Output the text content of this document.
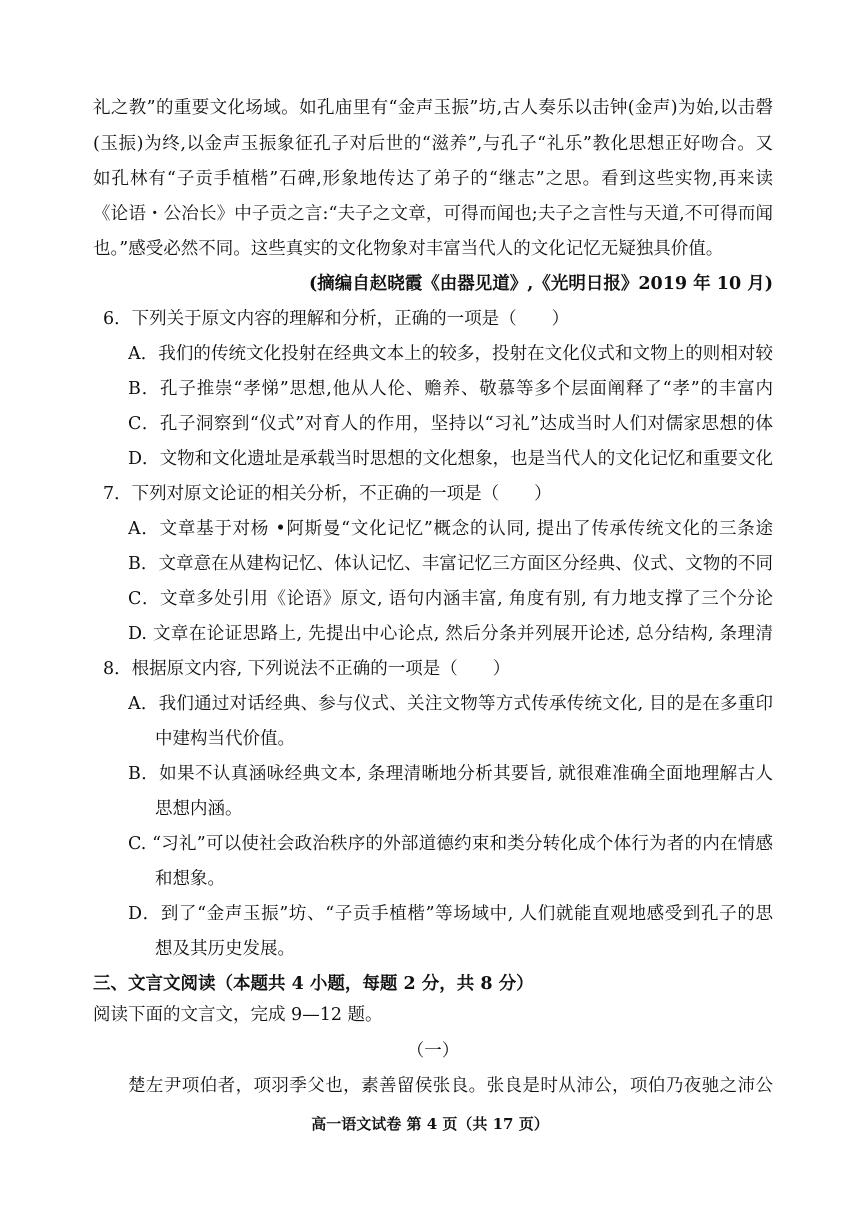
礼之教”的重要文化场域。如孔庙里有“金声玉振”坊,古人奏乐以击钟(金声)为始,以击磬
(玉振)为终,以金声玉振象征孔子对后世的“滋养”,与孔子“礼乐”教化思想正好吻合。又
如孔林有“子贡手植楷”石碑,形象地传达了弟子的“继志”之思。看到这些实物,再来读
《论语・公冶长》中子贡之言:“夫子之文章，可得而闻也;夫子之言性与天道,不可得而闻
也。”感受必然不同。这些真实的文化物象对丰富当代人的文化记忆无疑独具价值。
(摘编自赵晓霞《由器见道》,《光明日报》2019 年 10 月)
6．下列关于原文内容的理解和分析，正确的一项是（　　）
A．我们的传统文化投射在经典文本上的较多，投射在文化仪式和文物上的则相对较
B．孔子推崇“孝悌”思想,他从人伦、赡养、敬慕等多个层面阐释了“孝”的丰富内
C．孔子洞察到“仪式”对育人的作用，坚持以“习礼”达成当时人们对儒家思想的体
D．文物和文化遗址是承载当时思想的文化想象，也是当代人的文化记忆和重要文化
7．下列对原文论证的相关分析，不正确的一项是（　　）
A．文章基于对杨 •阿斯曼“文化记忆”概念的认同, 提出了传承传统文化的三条途
B．文章意在从建构记忆、体认记忆、丰富记忆三方面区分经典、仪式、文物的不同
C．文章多处引用《论语》原文, 语句内涵丰富, 角度有别, 有力地支撑了三个分论
D. 文章在论证思路上, 先提出中心论点, 然后分条并列展开论述, 总分结构, 条理清
8．根据原文内容, 下列说法不正确的一项是（　　）
A．我们通过对话经典、参与仪式、关注文物等方式传承传统文化, 目的是在多重印
中建构当代价值。
B．如果不认真涵咏经典文本, 条理清晰地分析其要旨, 就很难准确全面地理解古人
思想内涵。
C. “习礼”可以使社会政治秩序的外部道德约束和类分转化成个体行为者的内在情感
和想象。
D．到了“金声玉振”坊、“子贡手植楷”等场域中, 人们就能直观地感受到孔子的思
想及其历史发展。
三、文言文阅读（本题共 4 小题，每题 2 分，共 8 分）
阅读下面的文言文，完成 9—12 题。
（一）
楚左尹项伯者，项羽季父也，素善留侯张良。张良是时从沛公，项伯乃夜驰之沛公
高一语文试卷 第 4 页（共 17 页）
